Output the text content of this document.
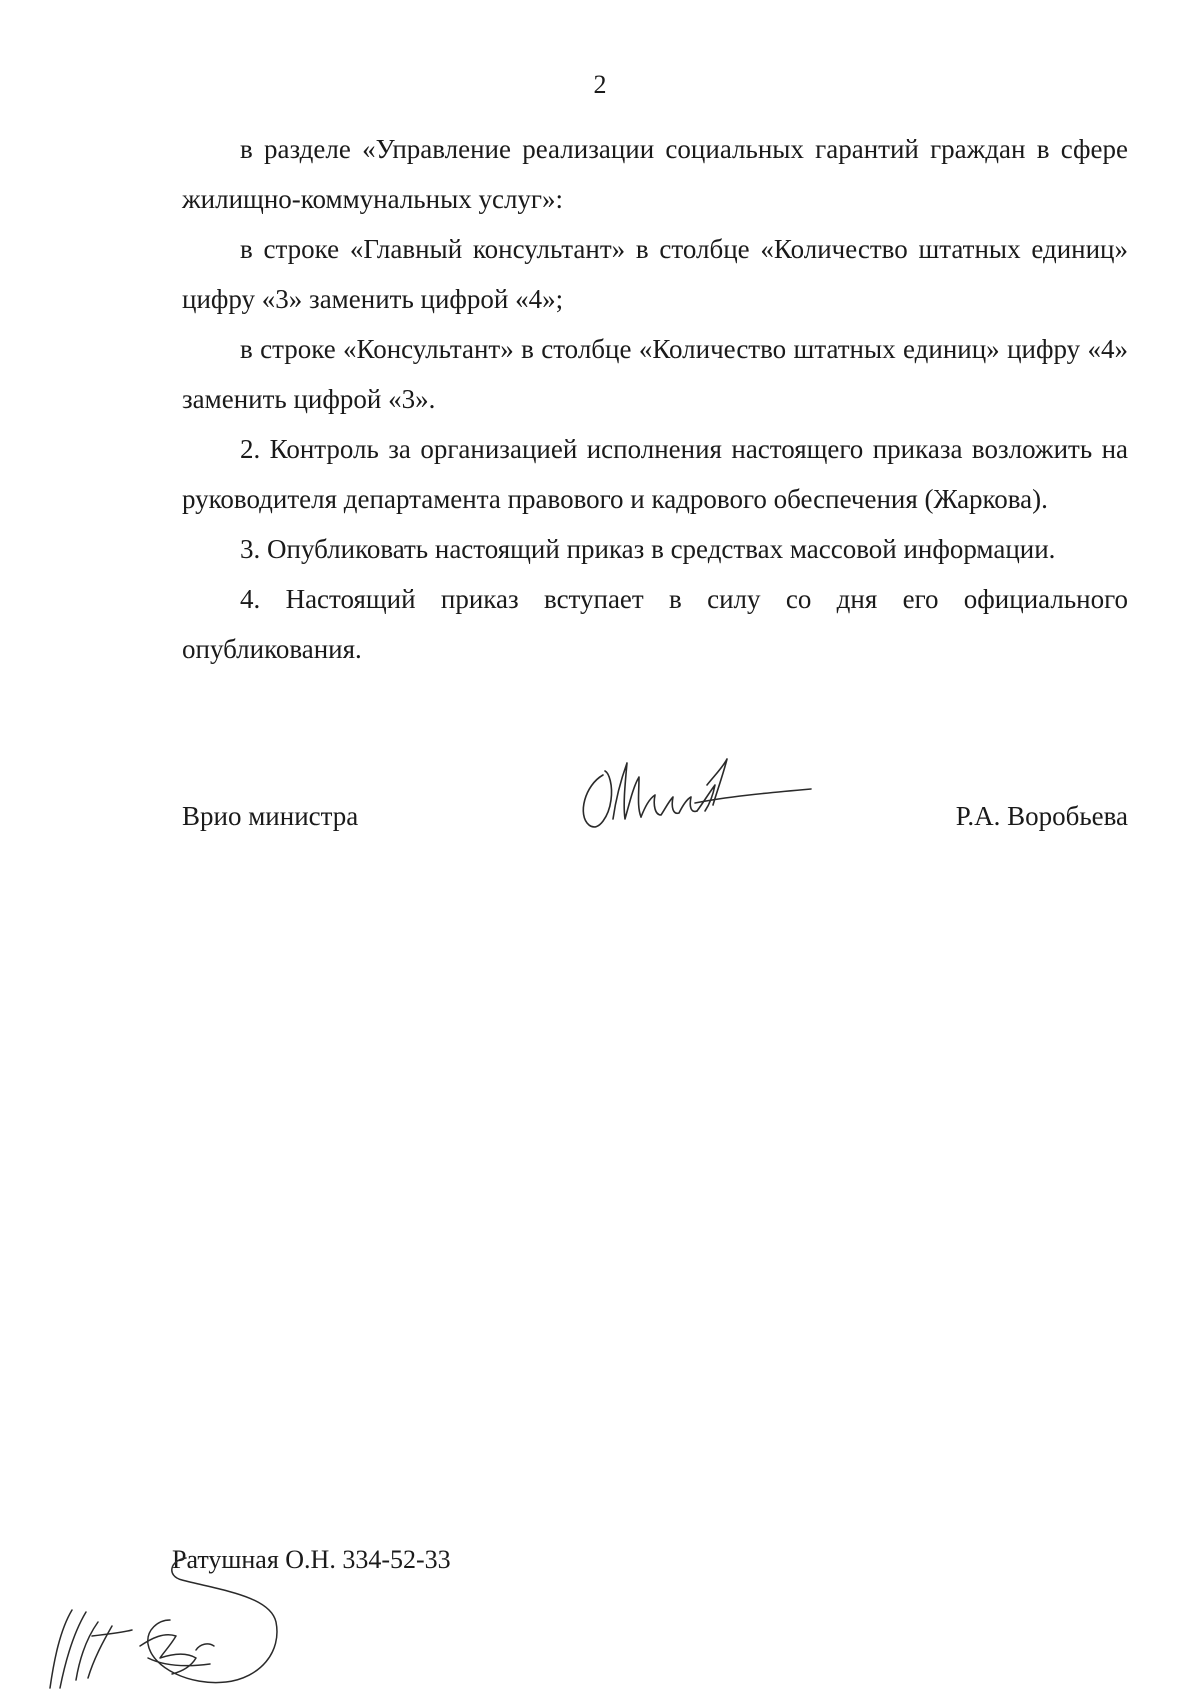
2

в разделе «Управление реализации социальных гарантий граждан в сфере жилищно-коммунальных услуг»:

в строке «Главный консультант» в столбце «Количество штатных единиц» цифру «3» заменить цифрой «4»;

в строке «Консультант» в столбце «Количество штатных единиц» цифру «4» заменить цифрой «3».

2. Контроль за организацией исполнения настоящего приказа возложить на руководителя департамента правового и кадрового обеспечения (Жаркова).

3. Опубликовать настоящий приказ в средствах массовой информации.

4. Настоящий приказ вступает в силу со дня его официального опубликования.

Врио министра	Р.А. Воробьева
Ратушная О.Н. 334-52-33
